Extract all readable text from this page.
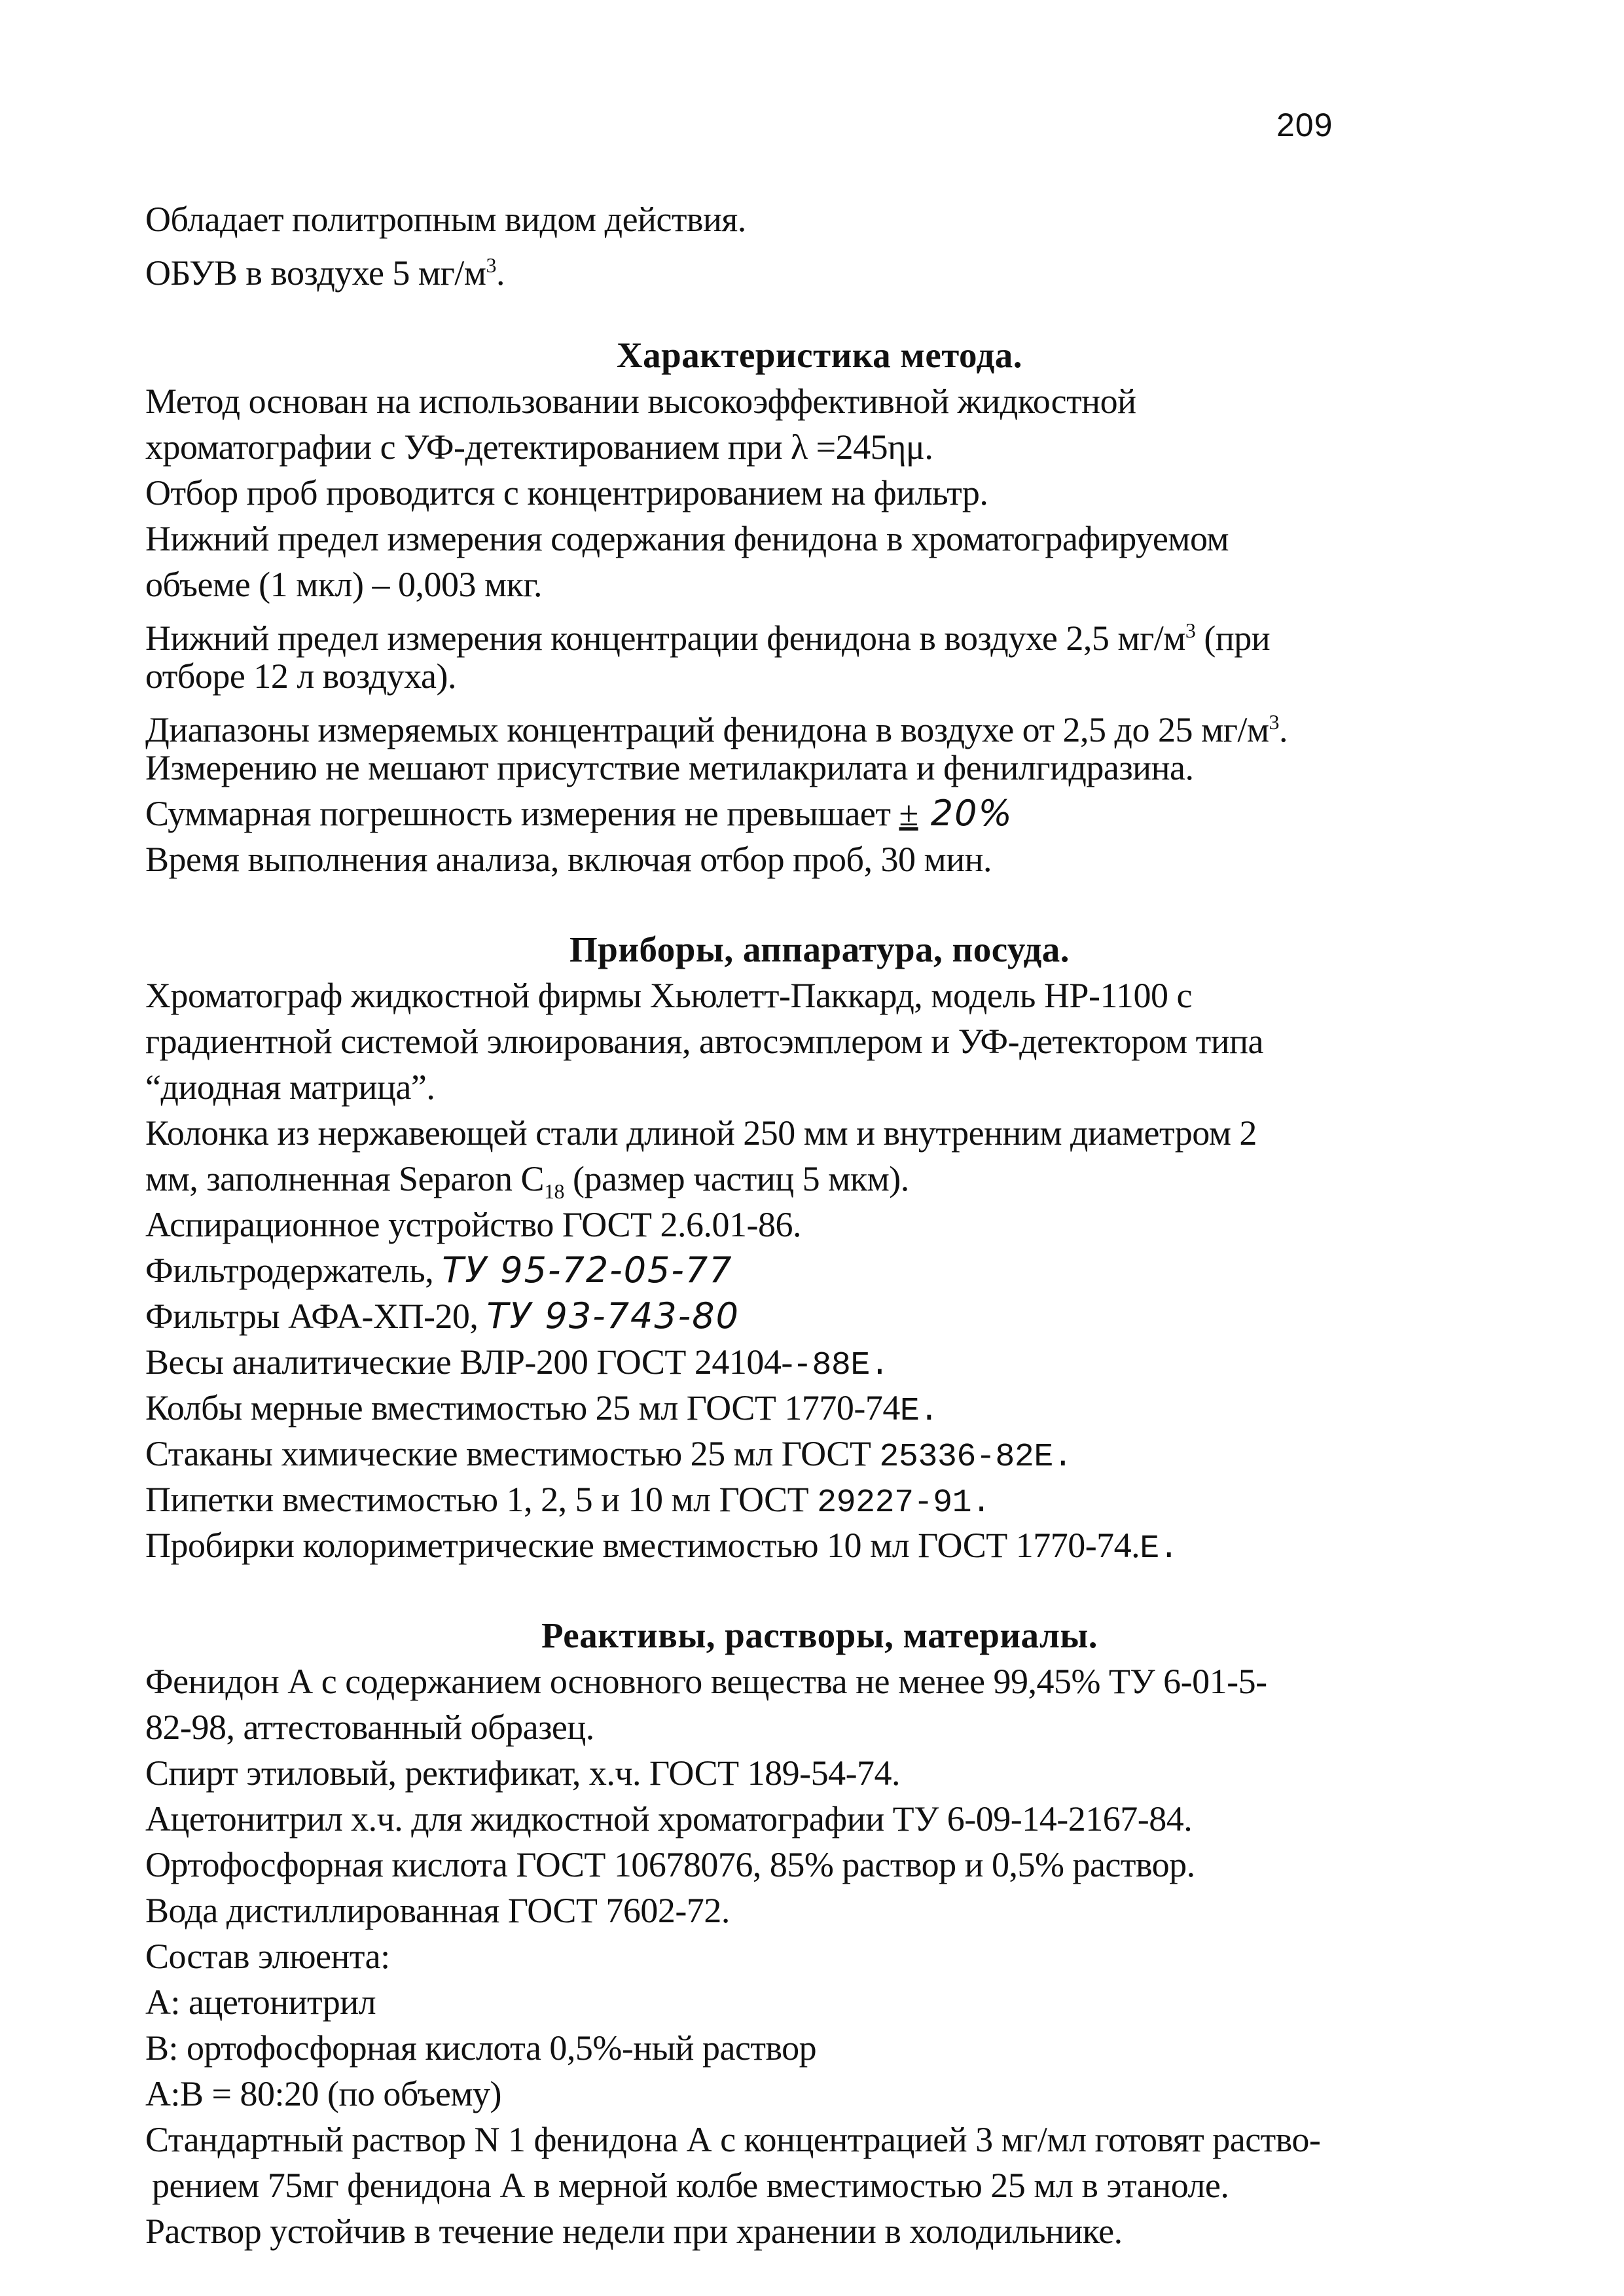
209
Обладает политропным видом действия.
ОБУВ в воздухе 5 $мг/м^3$.
Характеристика метода.
Метод основан на использовании высокоэффективной жидкостной
хроматографии с УФ-детектированием при λ =245ημ.
Отбор проб проводится с концентрированием на фильтр.
Нижний предел измерения содержания фенидона в хроматографируемом
объеме (1 мкл) – 0,003 мкг.
Нижний предел измерения концентрации фенидона в воздухе 2,5 $мг/м^3$ (при
отборе 12 л воздуха).
Диапазоны измеряемых концентраций фенидона в воздухе от 2,5 до 25 $мг/м^3$.
Измерению не мешают присутствие метилакрилата и фенилгидразина.
Суммарная погрешность измерения не превышает ± 20%
Время выполнения анализа, включая отбор проб, 30 мин.
Приборы, аппаратура, посуда.
Хроматограф жидкостной фирмы Хьюлетт-Паккард, модель HP-1100 с
градиентной системой элюирования, автосэмплером и УФ-детектором типа
“диодная матрица”.
Колонка из нержавеющей стали длиной 250 мм и внутренним диаметром 2
мм, заполненная Separon $C_{18}$ (размер частиц 5 мкм).
Аспирационное устройство ГОСТ 2.6.01-86.
Фильтродержатель, ТУ 95-72-05-77
Фильтры АФА-ХП-20, ТУ 93-743-80
Весы аналитические ВЛР-200 ГОСТ 24104--88Е.
Колбы мерные вместимостью 25 мл ГОСТ 1770-74Е.
Стаканы химические вместимостью 25 мл ГОСТ 25336-82Е.
Пипетки вместимостью 1, 2, 5 и 10 мл ГОСТ 29227-91.
Пробирки колориметрические вместимостью 10 мл ГОСТ 1770-74.Е.
Реактивы, растворы, материалы.
Фенидон А с содержанием основного вещества не менее 99,45% ТУ 6-01-5-
82-98, аттестованный образец.
Спирт этиловый, ректификат, х.ч. ГОСТ 189-54-74.
Ацетонитрил х.ч. для жидкостной хроматографии ТУ 6-09-14-2167-84.
Ортофосфорная кислота ГОСТ 10678076, 85% раствор и 0,5% раствор.
Вода дистиллированная ГОСТ 7602-72.
Состав элюента:
А: ацетонитрил
В: ортофосфорная кислота 0,5%-ный раствор
А:В = 80:20 (по объему)
Стандартный раствор N 1 фенидона А с концентрацией 3 мг/мл готовят раство-
рением 75мг фенидона А в мерной колбе вместимостью 25 мл в этаноле.
Раствор устойчив в течение недели при хранении в холодильнике.
